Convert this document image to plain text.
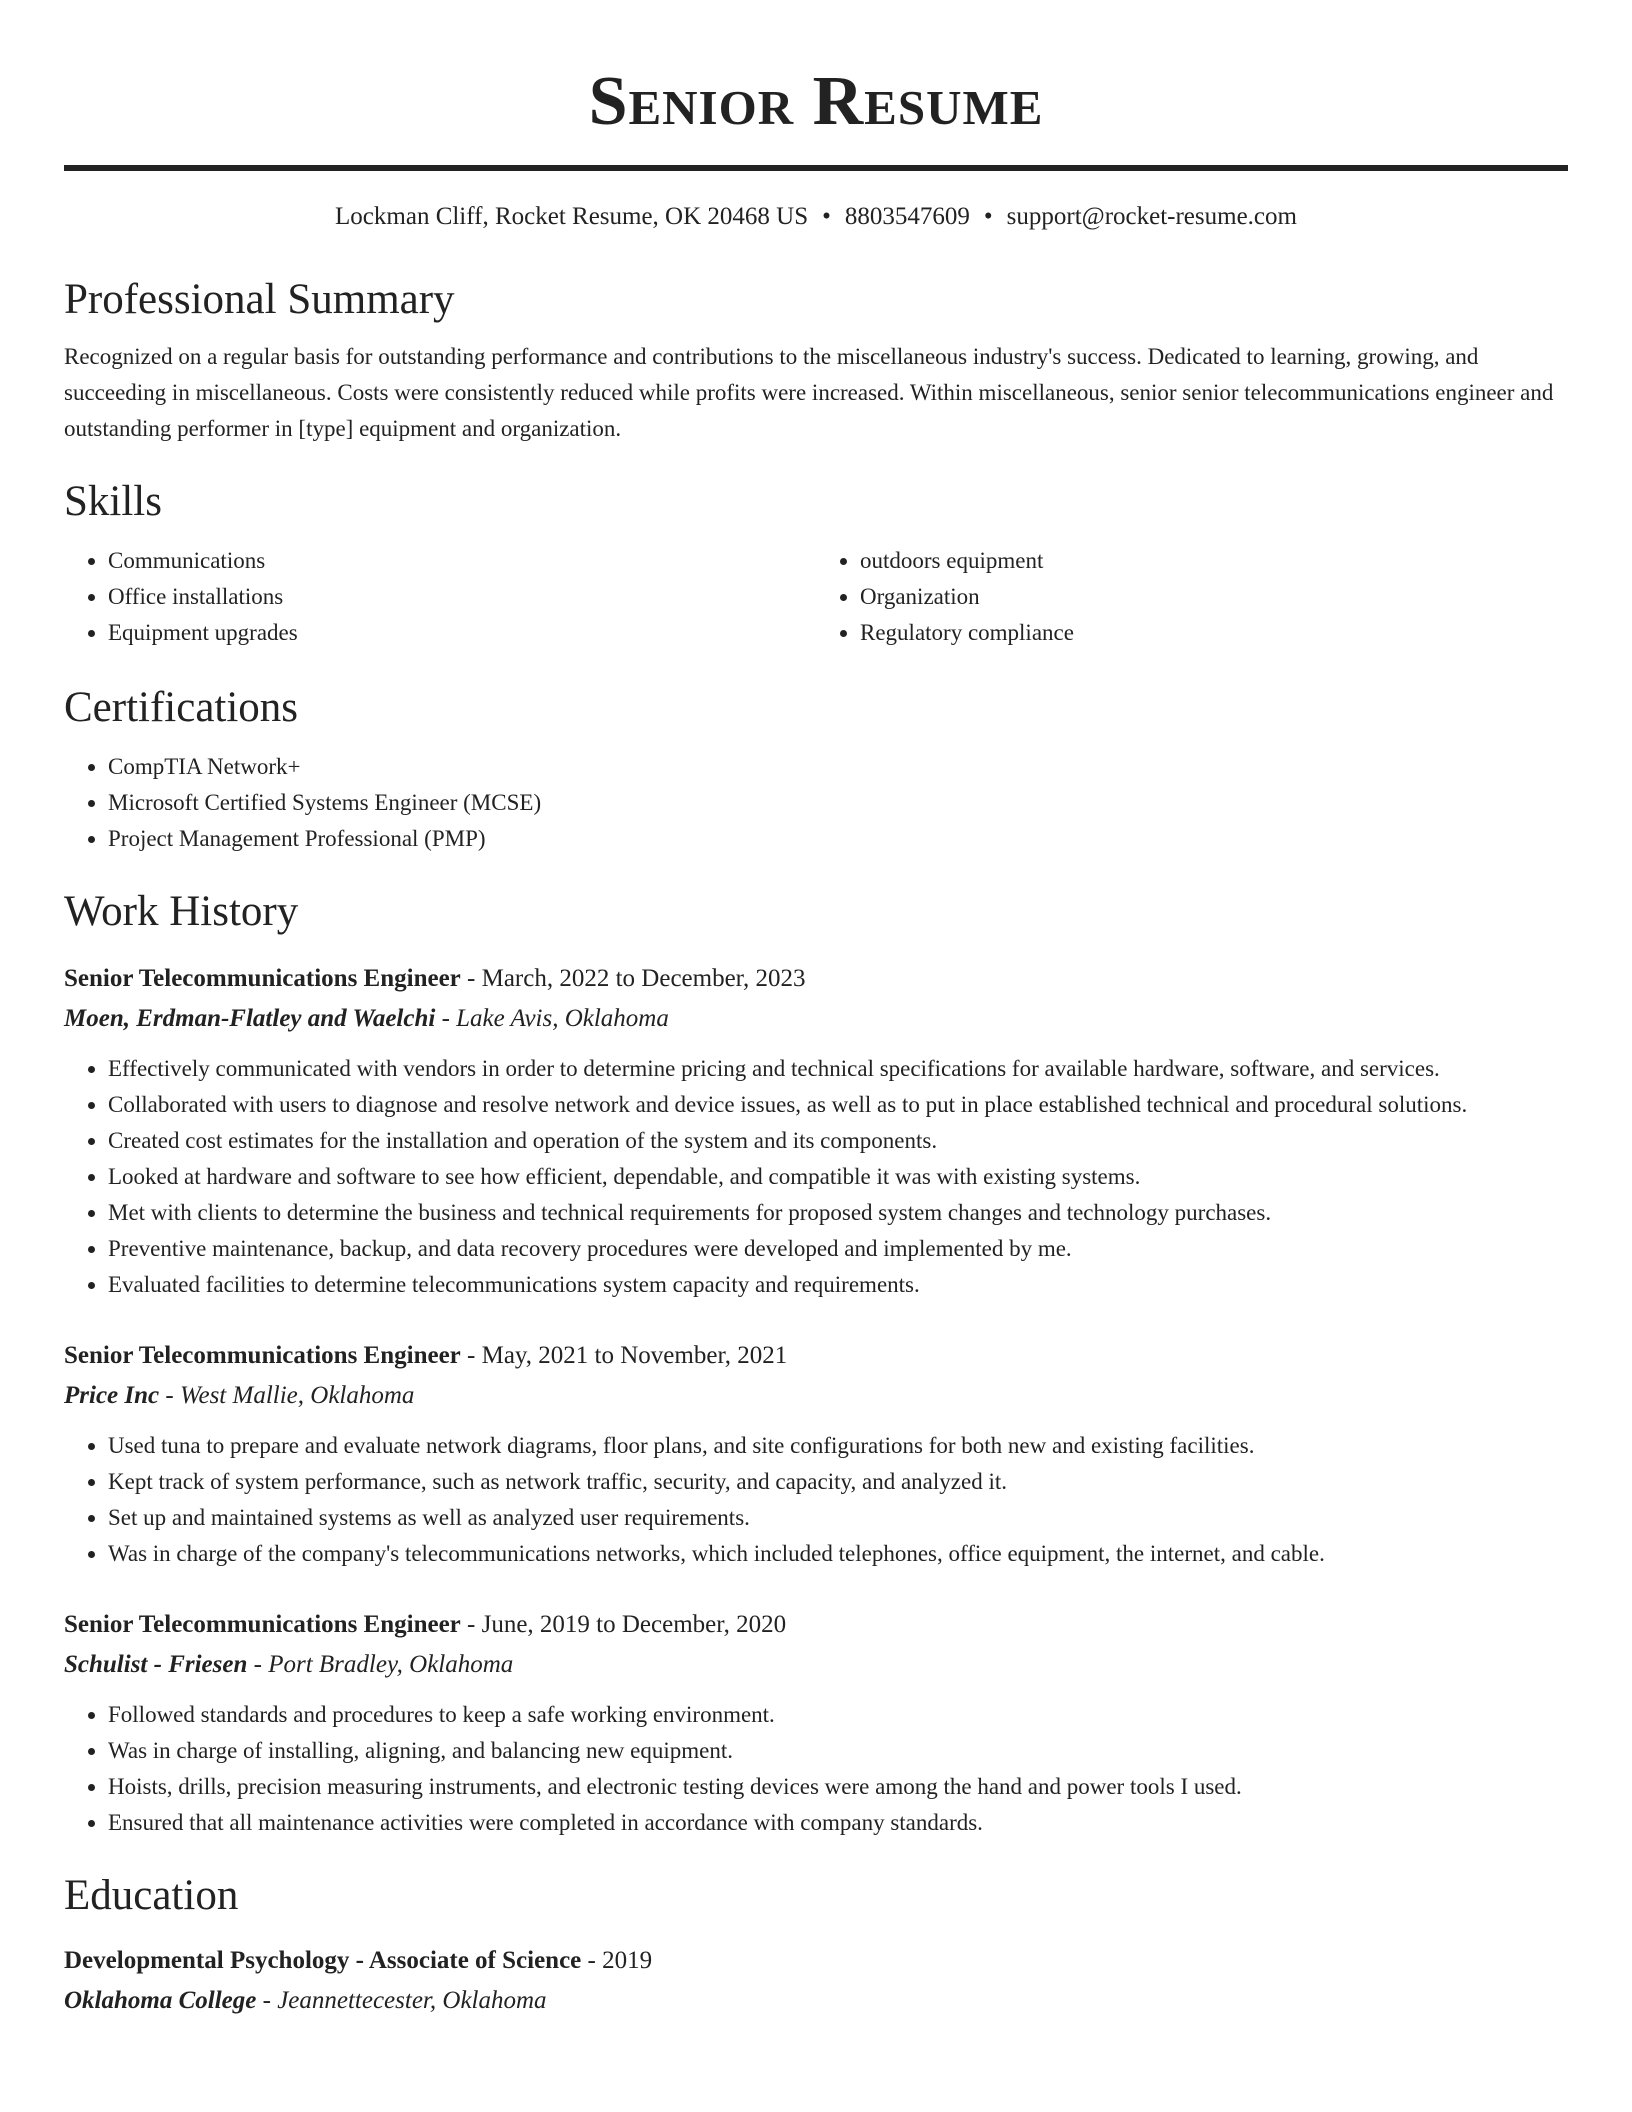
Senior Resume
Lockman Cliff, Rocket Resume, OK 20468 US • 8803547609 • support@rocket-resume.com
Professional Summary

Recognized on a regular basis for outstanding performance and contributions to the miscellaneous industry's success. Dedicated to learning, growing, and succeeding in miscellaneous. Costs were consistently reduced while profits were increased. Within miscellaneous, senior senior telecommunications engineer and outstanding performer in [type] equipment and organization.

Skills
• Communications
• Office installations
• Equipment upgrades
• outdoors equipment
• Organization
• Regulatory compliance
Certifications
• CompTIA Network+
• Microsoft Certified Systems Engineer (MCSE)
• Project Management Professional (PMP)
Work History
Senior Telecommunications Engineer - March, 2022 to December, 2023
Moen, Erdman-Flatley and Waelchi - Lake Avis, Oklahoma
• Effectively communicated with vendors in order to determine pricing and technical specifications for available hardware, software, and services.
• Collaborated with users to diagnose and resolve network and device issues, as well as to put in place established technical and procedural solutions.
• Created cost estimates for the installation and operation of the system and its components.
• Looked at hardware and software to see how efficient, dependable, and compatible it was with existing systems.
• Met with clients to determine the business and technical requirements for proposed system changes and technology purchases.
• Preventive maintenance, backup, and data recovery procedures were developed and implemented by me.
• Evaluated facilities to determine telecommunications system capacity and requirements.
Senior Telecommunications Engineer - May, 2021 to November, 2021
Price Inc - West Mallie, Oklahoma
• Used tuna to prepare and evaluate network diagrams, floor plans, and site configurations for both new and existing facilities.
• Kept track of system performance, such as network traffic, security, and capacity, and analyzed it.
• Set up and maintained systems as well as analyzed user requirements.
• Was in charge of the company's telecommunications networks, which included telephones, office equipment, the internet, and cable.
Senior Telecommunications Engineer - June, 2019 to December, 2020
Schulist - Friesen - Port Bradley, Oklahoma
• Followed standards and procedures to keep a safe working environment.
• Was in charge of installing, aligning, and balancing new equipment.
• Hoists, drills, precision measuring instruments, and electronic testing devices were among the hand and power tools I used.
• Ensured that all maintenance activities were completed in accordance with company standards.
Education
Developmental Psychology - Associate of Science - 2019
Oklahoma College - Jeannettecester, Oklahoma
